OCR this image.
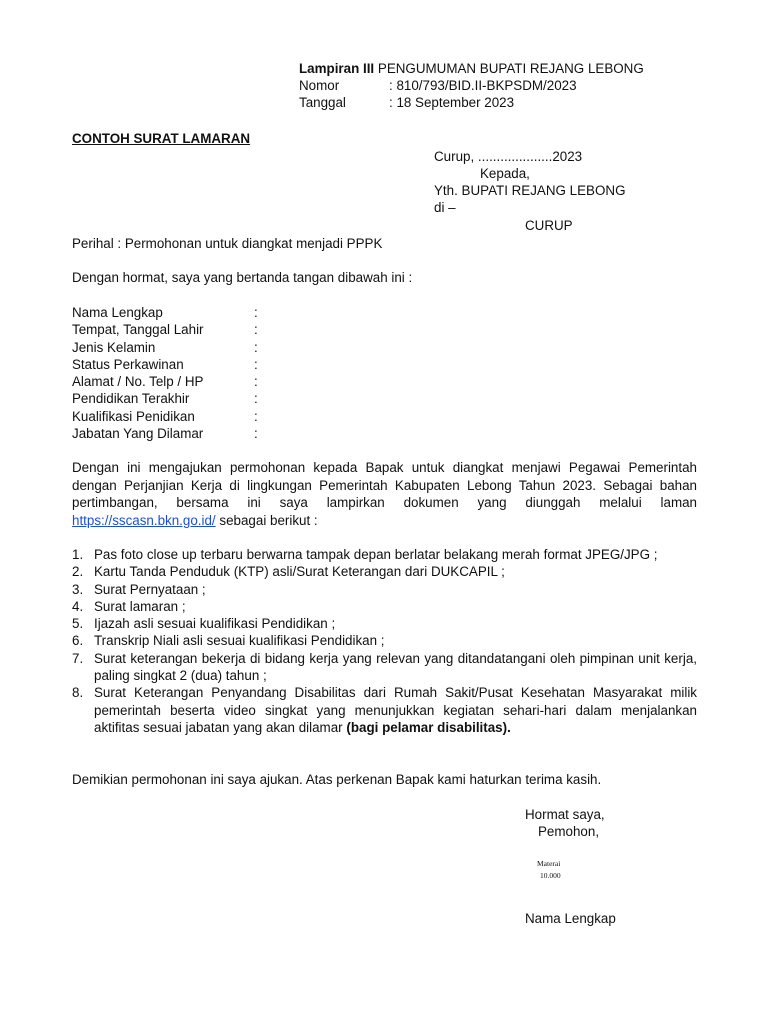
Lampiran III PENGUMUMAN BUPATI REJANG LEBONG
Nomor	: 810/793/BID.II-BKPSDM/2023
Tanggal	: 18 September 2023
CONTOH SURAT LAMARAN
Curup, ....................2023
Kepada,
Yth. BUPATI REJANG LEBONG
di –
CURUP
Perihal : Permohonan untuk diangkat menjadi PPPK
Dengan hormat, saya yang bertanda tangan dibawah ini :
Nama Lengkap	:
Tempat, Tanggal Lahir	:
Jenis Kelamin	:
Status Perkawinan	:
Alamat / No. Telp / HP	:
Pendidikan Terakhir	:
Kualifikasi Penidikan	:
Jabatan Yang Dilamar	:
Dengan ini mengajukan permohonan kepada Bapak untuk diangkat menjawi Pegawai Pemerintah dengan Perjanjian Kerja di lingkungan Pemerintah Kabupaten Lebong Tahun 2023. Sebagai bahan pertimbangan, bersama ini saya lampirkan dokumen yang diunggah melalui laman https://sscasn.bkn.go.id/ sebagai berikut :
1. Pas foto close up terbaru berwarna tampak depan berlatar belakang merah format JPEG/JPG ;
2. Kartu Tanda Penduduk (KTP) asli/Surat Keterangan dari DUKCAPIL ;
3. Surat Pernyataan ;
4. Surat lamaran ;
5. Ijazah asli sesuai kualifikasi Pendidikan ;
6. Transkrip Niali asli sesuai kualifikasi Pendidikan ;
7. Surat keterangan bekerja di bidang kerja yang relevan yang ditandatangani oleh pimpinan unit kerja, paling singkat 2 (dua) tahun ;
8. Surat Keterangan Penyandang Disabilitas dari Rumah Sakit/Pusat Kesehatan Masyarakat milik pemerintah beserta video singkat yang menunjukkan kegiatan sehari-hari dalam menjalankan aktifitas sesuai jabatan yang akan dilamar (bagi pelamar disabilitas).
Demikian permohonan ini saya ajukan. Atas perkenan Bapak kami haturkan terima kasih.
Hormat saya,
Pemohon,
Materai
10.000
Nama Lengkap
